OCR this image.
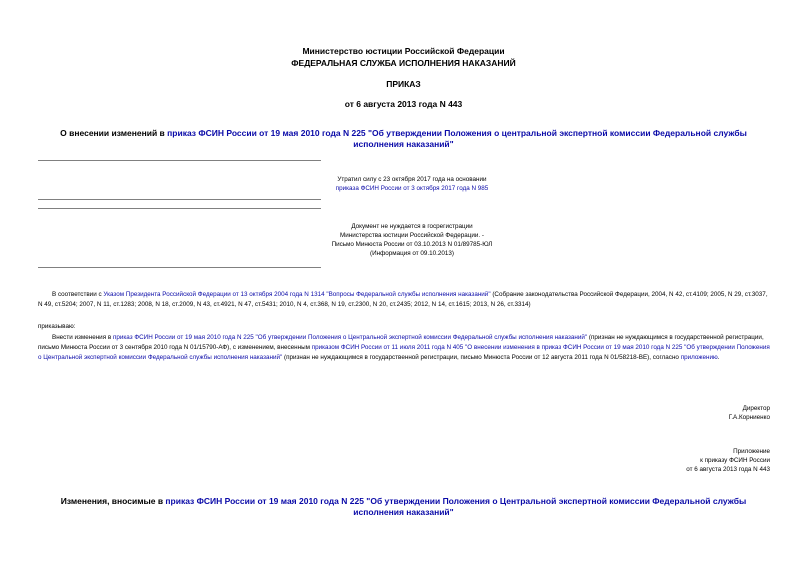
Министерство юстиции Российской Федерации
ФЕДЕРАЛЬНАЯ СЛУЖБА ИСПОЛНЕНИЯ НАКАЗАНИЙ
ПРИКАЗ
от 6 августа 2013 года N 443
О внесении изменений в приказ ФСИН России от 19 мая 2010 года N 225 "Об утверждении Положения о центральной экспертной комиссии Федеральной службы исполнения наказаний"
Утратил силу с 23 октября 2017 года на основании
приказа ФСИН России от 3 октября 2017 года N 985
Документ не нуждается в госрегистрации
Министерства юстиции Российской Федерации. -
Письмо Минюста России от 03.10.2013 N 01/89785-ЮЛ
(Информация от 09.10.2013)
В соответствии с Указом Президента Российской Федерации от 13 октября 2004 года N 1314 "Вопросы Федеральной службы исполнения наказаний" (Собрание законодательства Российской Федерации, 2004, N 42, ст.4109; 2005, N 29, ст.3037, N 49, ст.5204; 2007, N 11, ст.1283; 2008, N 18, ст.2009, N 43, ст.4921, N 47, ст.5431; 2010, N 4, ст.368, N 19, ст.2300, N 20, ст.2435; 2012, N 14, ст.1615; 2013, N 26, ст.3314)
приказываю:
Внести изменения в приказ ФСИН России от 19 мая 2010 года N 225 "Об утверждении Положения о Центральной экспертной комиссии Федеральной службы исполнения наказаний" (признан не нуждающимся в государственной регистрации, письмо Минюста России от 3 сентября 2010 года N 01/15790-АФ), с изменением, внесенным приказом ФСИН России от 11 июля 2011 года N 405 "О внесении изменения в приказ ФСИН России от 19 мая 2010 года N 225 "Об утверждении Положения о Центральной экспертной комиссии Федеральной службы исполнения наказаний" (признан не нуждающимся в государственной регистрации, письмо Минюста России от 12 августа 2011 года N 01/58218-ВЕ), согласно приложению.
Директор
Г.А.Корниенко
Приложение
к приказу ФСИН России
от 6 августа 2013 года N 443
Изменения, вносимые в приказ ФСИН России от 19 мая 2010 года N 225 "Об утверждении Положения о Центральной экспертной комиссии Федеральной службы исполнения наказаний"
